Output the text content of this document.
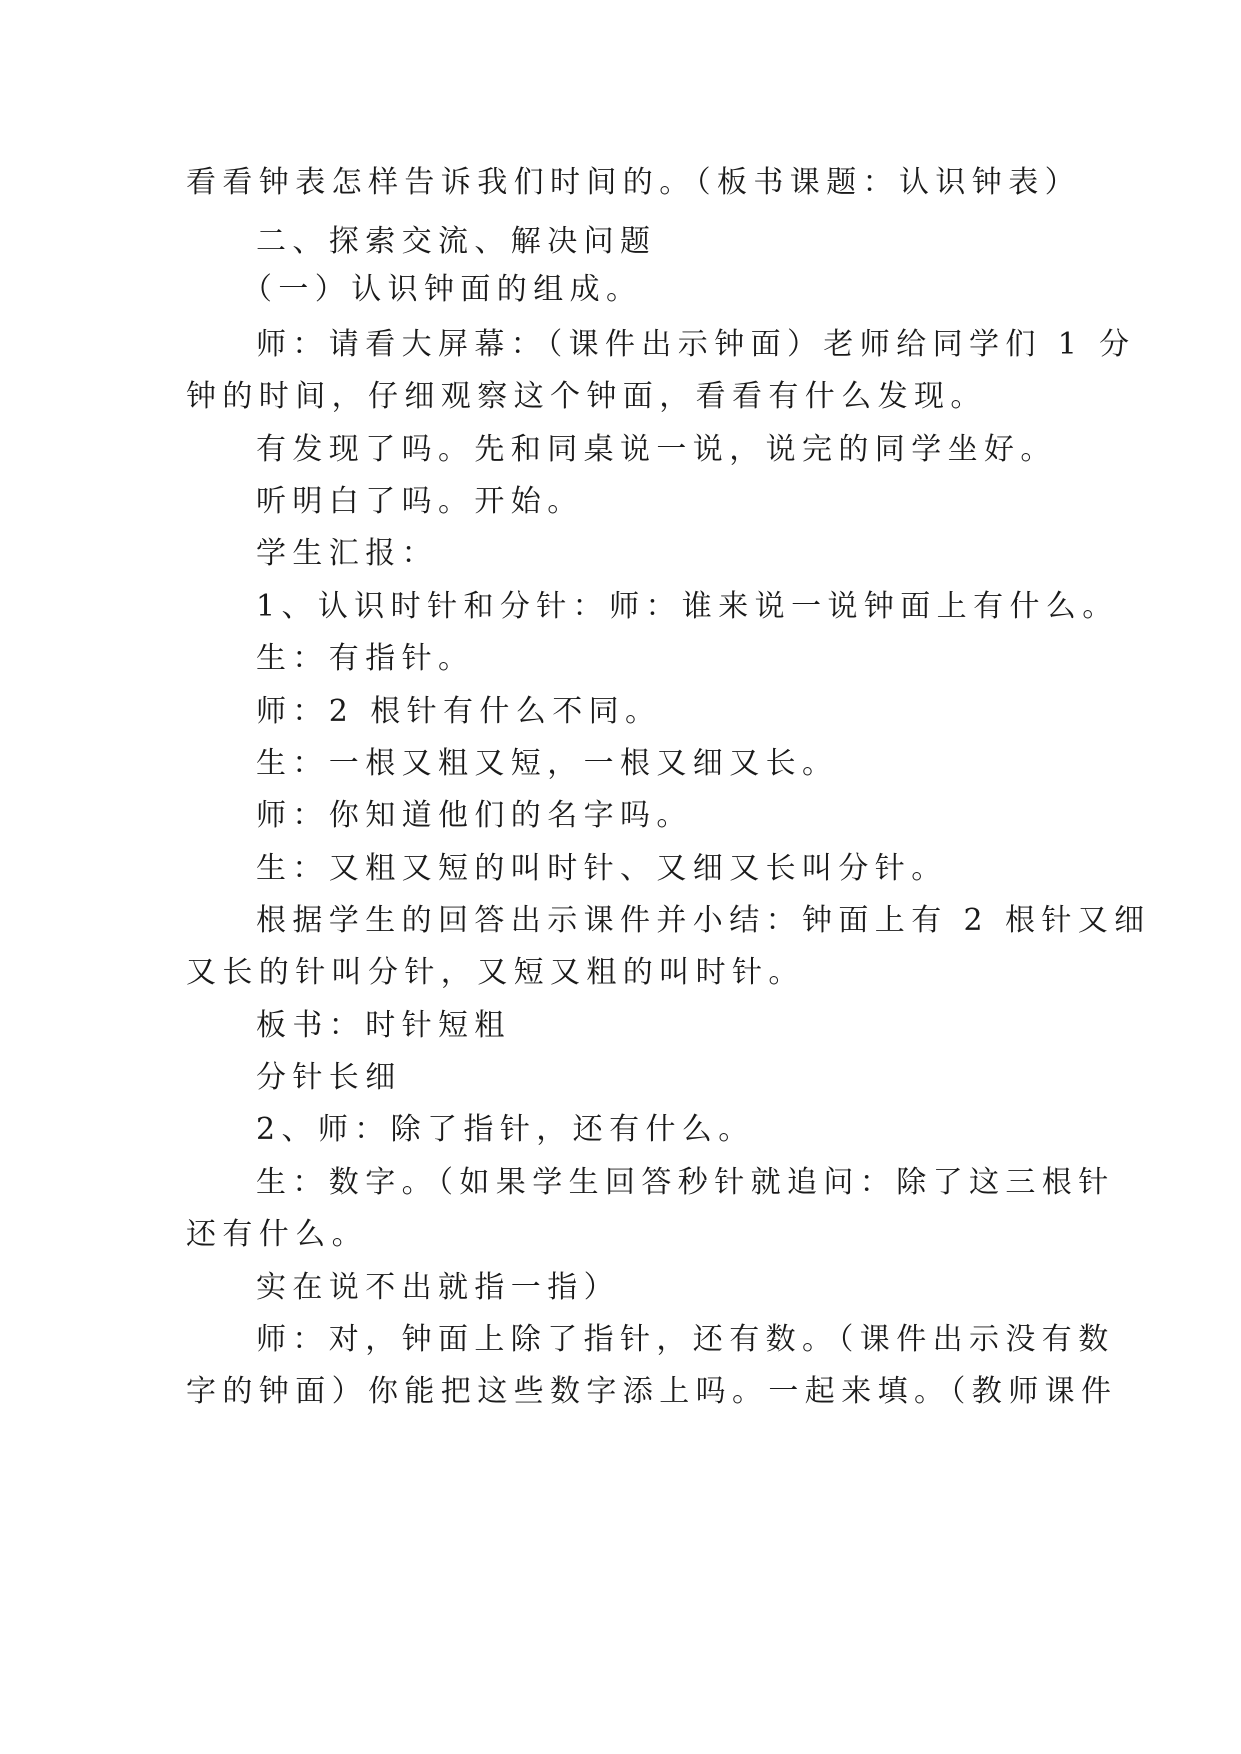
看看钟表怎样告诉我们时间的。（板书课题：认识钟表）
二、探索交流、解决问题
（一）认识钟面的组成。
师：请看大屏幕：（课件出示钟面）老师给同学们 1 分
钟的时间，仔细观察这个钟面，看看有什么发现。
有发现了吗。先和同桌说一说，说完的同学坐好。
听明白了吗。开始。
学生汇报：
1、认识时针和分针：师：谁来说一说钟面上有什么。
生：有指针。
师：2 根针有什么不同。
生：一根又粗又短，一根又细又长。
师：你知道他们的名字吗。
生：又粗又短的叫时针、又细又长叫分针。
根据学生的回答出示课件并小结：钟面上有 2 根针又细
又长的针叫分针，又短又粗的叫时针。
板书：时针短粗
分针长细
2、师：除了指针，还有什么。
生：数字。（如果学生回答秒针就追问：除了这三根针
还有什么。
实在说不出就指一指）
师：对，钟面上除了指针，还有数。（课件出示没有数
字的钟面）你能把这些数字添上吗。一起来填。（教师课件
